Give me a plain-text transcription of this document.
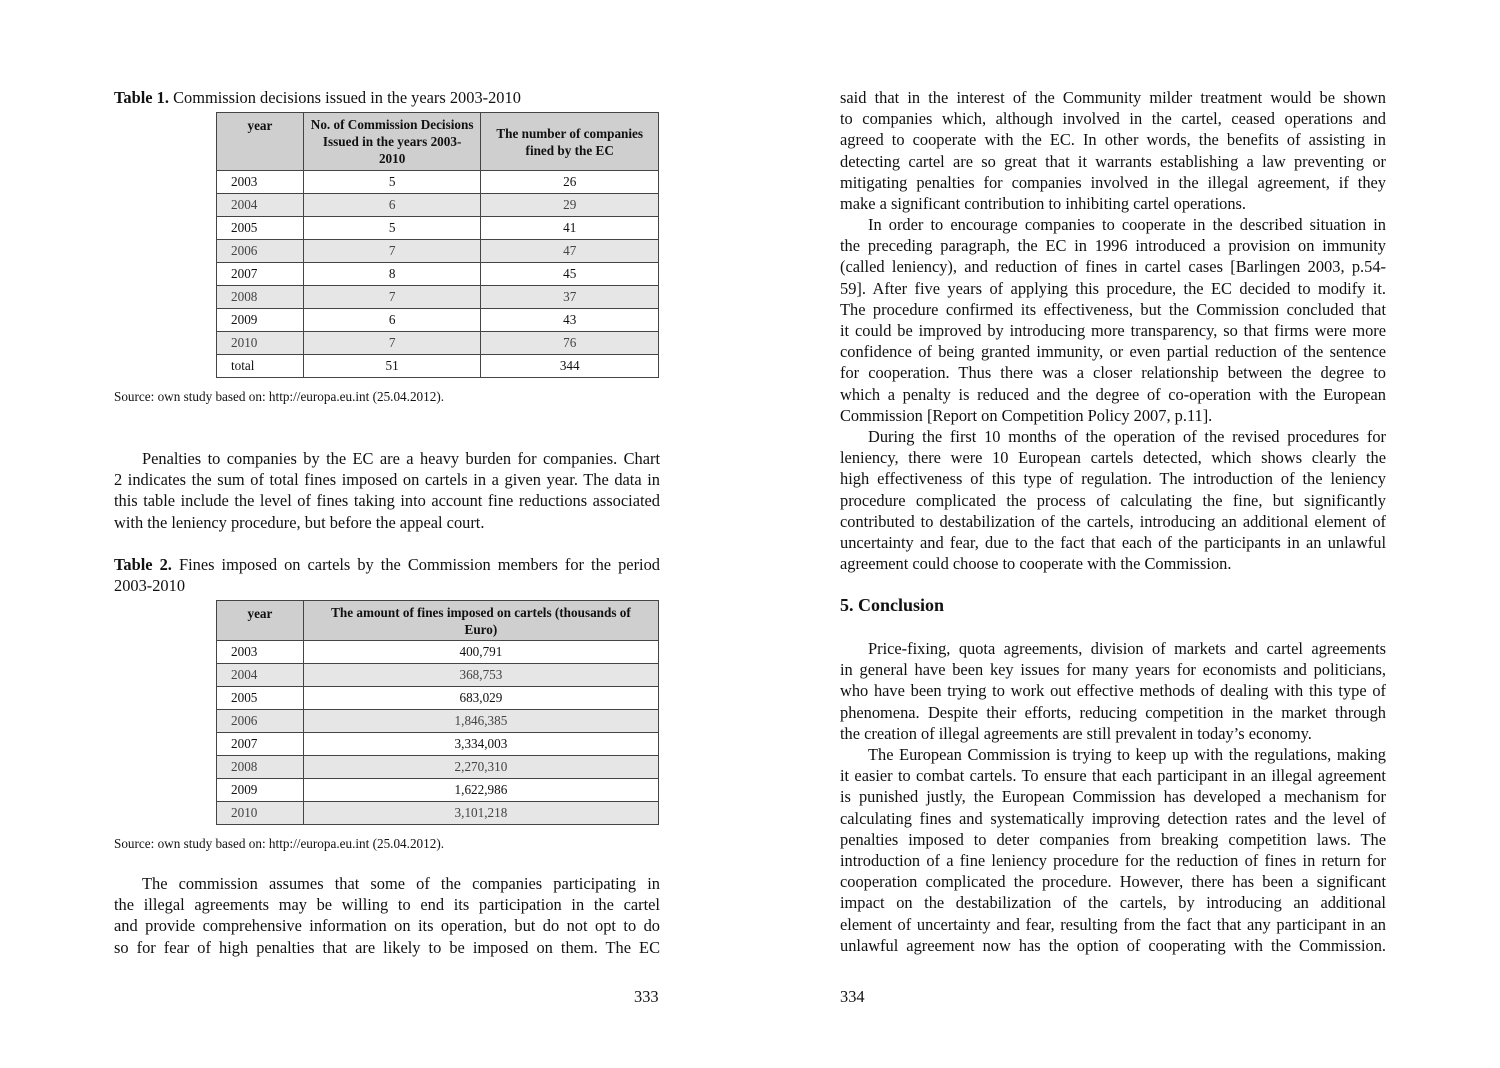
Table 1. Commission decisions issued in the years 2003-2010
year	No. of Commission Decisions Issued in the years 2003-2010	The number of companies fined by the EC
2003	5	26
2004	6	29
2005	5	41
2006	7	47
2007	8	45
2008	7	37
2009	6	43
2010	7	76
total	51	344
Source: own study based on: http://europa.eu.int (25.04.2012).
Penalties to companies by the EC are a heavy burden for companies. Chart
2 indicates the sum of total fines imposed on cartels in a given year. The data in
this table include the level of fines taking into account fine reductions associated
with the leniency procedure, but before the appeal court.
Table 2. Fines imposed on cartels by the Commission members for the period
2003-2010
year	The amount of fines imposed on cartels (thousands of Euro)
2003	400,791
2004	368,753
2005	683,029
2006	1,846,385
2007	3,334,003
2008	2,270,310
2009	1,622,986
2010	3,101,218
Source: own study based on: http://europa.eu.int (25.04.2012).
The commission assumes that some of the companies participating in
the illegal agreements may be willing to end its participation in the cartel
and provide comprehensive information on its operation, but do not opt to do
so for fear of high penalties that are likely to be imposed on them. The EC
333
said that in the interest of the Community milder treatment would be shown
to companies which, although involved in the cartel, ceased operations and
agreed to cooperate with the EC. In other words, the benefits of assisting in
detecting cartel are so great that it warrants establishing a law preventing or
mitigating penalties for companies involved in the illegal agreement, if they
make a significant contribution to inhibiting cartel operations.
In order to encourage companies to cooperate in the described situation in
the preceding paragraph, the EC in 1996 introduced a provision on immunity
(called leniency), and reduction of fines in cartel cases [Barlingen 2003, p.54-
59]. After five years of applying this procedure, the EC decided to modify it.
The procedure confirmed its effectiveness, but the Commission concluded that
it could be improved by introducing more transparency, so that firms were more
confidence of being granted immunity, or even partial reduction of the sentence
for cooperation. Thus there was a closer relationship between the degree to
which a penalty is reduced and the degree of co-operation with the European
Commission [Report on Competition Policy 2007, p.11].
During the first 10 months of the operation of the revised procedures for
leniency, there were 10 European cartels detected, which shows clearly the
high effectiveness of this type of regulation. The introduction of the leniency
procedure complicated the process of calculating the fine, but significantly
contributed to destabilization of the cartels, introducing an additional element of
uncertainty and fear, due to the fact that each of the participants in an unlawful
agreement could choose to cooperate with the Commission.
5. Conclusion
Price-fixing, quota agreements, division of markets and cartel agreements
in general have been key issues for many years for economists and politicians,
who have been trying to work out effective methods of dealing with this type of
phenomena. Despite their efforts, reducing competition in the market through
the creation of illegal agreements are still prevalent in today’s economy.
The European Commission is trying to keep up with the regulations, making
it easier to combat cartels. To ensure that each participant in an illegal agreement
is punished justly, the European Commission has developed a mechanism for
calculating fines and systematically improving detection rates and the level of
penalties imposed to deter companies from breaking competition laws. The
introduction of a fine leniency procedure for the reduction of fines in return for
cooperation complicated the procedure. However, there has been a significant
impact on the destabilization of the cartels, by introducing an additional
element of uncertainty and fear, resulting from the fact that any participant in an
unlawful agreement now has the option of cooperating with the Commission.
334
